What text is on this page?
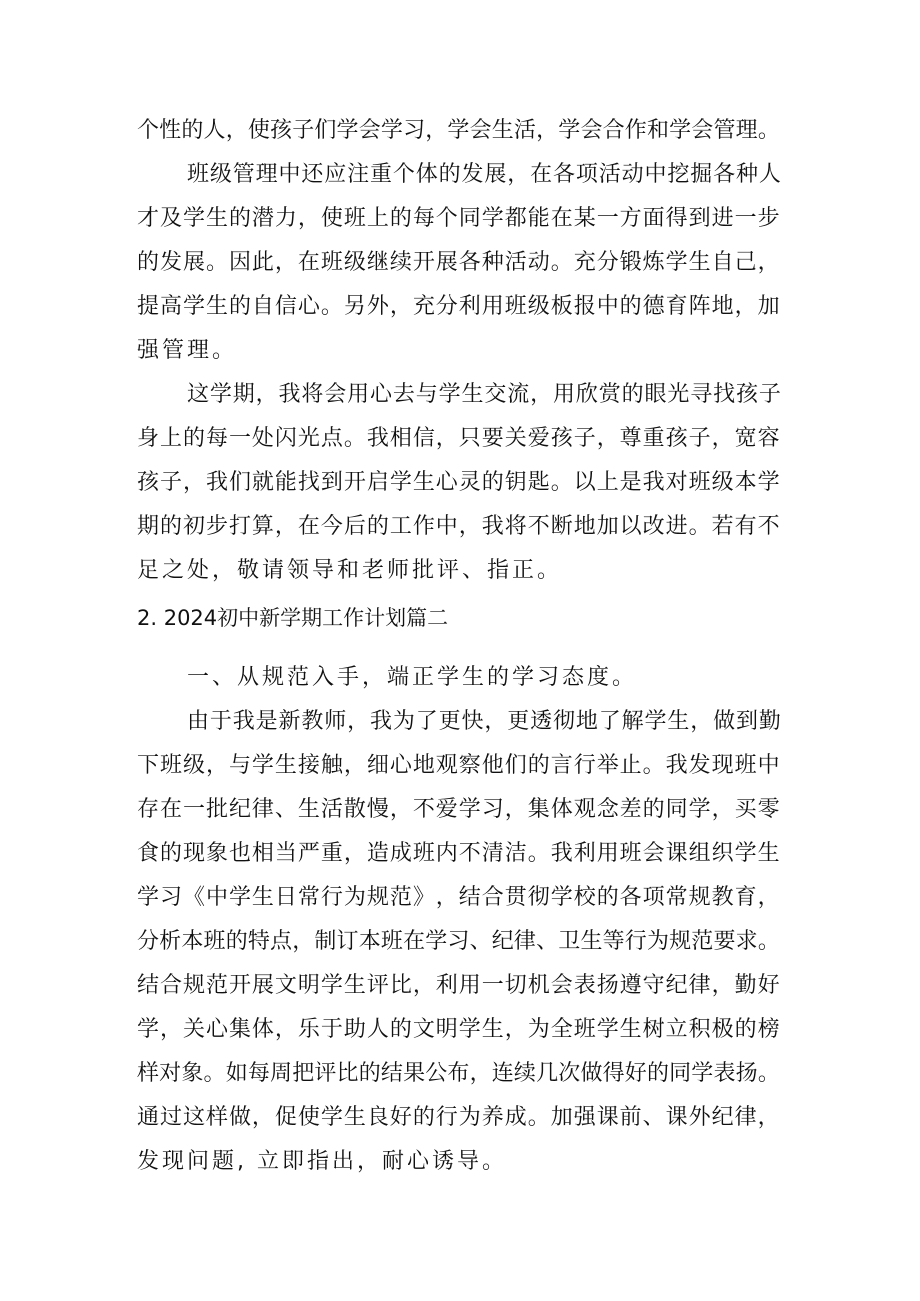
个 性 的 人 ， 使 孩 子 们 学 会 学 习 ， 学 会 生 活 ， 学 会 合 作 和 学 会 管 理 。
班 级 管 理 中 还 应 注 重 个 体 的 发 展 ， 在 各 项 活 动 中 挖 掘 各 种 人
才 及 学 生 的 潜 力 ， 使 班 上 的 每 个 同 学 都 能 在 某 一 方 面 得 到 进 一 步
的 发 展 。 因 此 ， 在 班 级 继 续 开 展 各 种 活 动 。 充 分 锻 炼 学 生 自 己 ，
提 高 学 生 的 自 信 心 。 另 外 ， 充 分 利 用 班 级 板 报 中 的 德 育 阵 地 ， 加
强管理。
这 学 期 ， 我 将 会 用 心 去 与 学 生 交 流 ， 用 欣 赏 的 眼 光 寻 找 孩 子
身 上 的 每 一 处 闪 光 点 。 我 相 信 ， 只 要 关 爱 孩 子 ， 尊 重 孩 子 ， 宽 容
孩 子 ， 我 们 就 能 找 到 开 启 学 生 心 灵 的 钥 匙 。 以 上 是 我 对 班 级 本 学
期 的 初 步 打 算 ， 在 今 后 的 工 作 中 ， 我 将 不 断 地 加 以 改 进 。 若 有 不
足之处，敬请领导和老师批评、指正。
2. 2024初中新学期工作计划篇二
一、从规范入手，端正学生的学习态度。
由 于 我 是 新 教 师 ， 我 为 了 更 快 ， 更 透 彻 地 了 解 学 生 ， 做 到 勤
下 班 级 ， 与 学 生 接 触 ， 细 心 地 观 察 他 们 的 言 行 举 止 。 我 发 现 班 中
存 在 一 批 纪 律 、 生 活 散 慢 ， 不 爱 学 习 ， 集 体 观 念 差 的 同 学 ， 买 零
食 的 现 象 也 相 当 严 重 ， 造 成 班 内 不 清 洁 。 我 利 用 班 会 课 组 织 学 生
学 习 《 中 学 生 日 常 行 为 规 范 》 ， 结 合 贯 彻 学 校 的 各 项 常 规 教 育 ，
分 析 本 班 的 特 点 ， 制 订 本 班 在 学 习 、 纪 律 、 卫 生 等 行 为 规 范 要 求 。
结 合 规 范 开 展 文 明 学 生 评 比 ， 利 用 一 切 机 会 表 扬 遵 守 纪 律 ， 勤 好
学 ， 关 心 集 体 ， 乐 于 助 人 的 文 明 学 生 ， 为 全 班 学 生 树 立 积 极 的 榜
样 对 象 。 如 每 周 把 评 比 的 结 果 公 布 ， 连 续 几 次 做 得 好 的 同 学 表 扬 。
通 过 这 样 做 ， 促 使 学 生 良 好 的 行 为 养 成 。 加 强 课 前 、 课 外 纪 律 ，
发现问题, 立即指出，耐心诱导。
